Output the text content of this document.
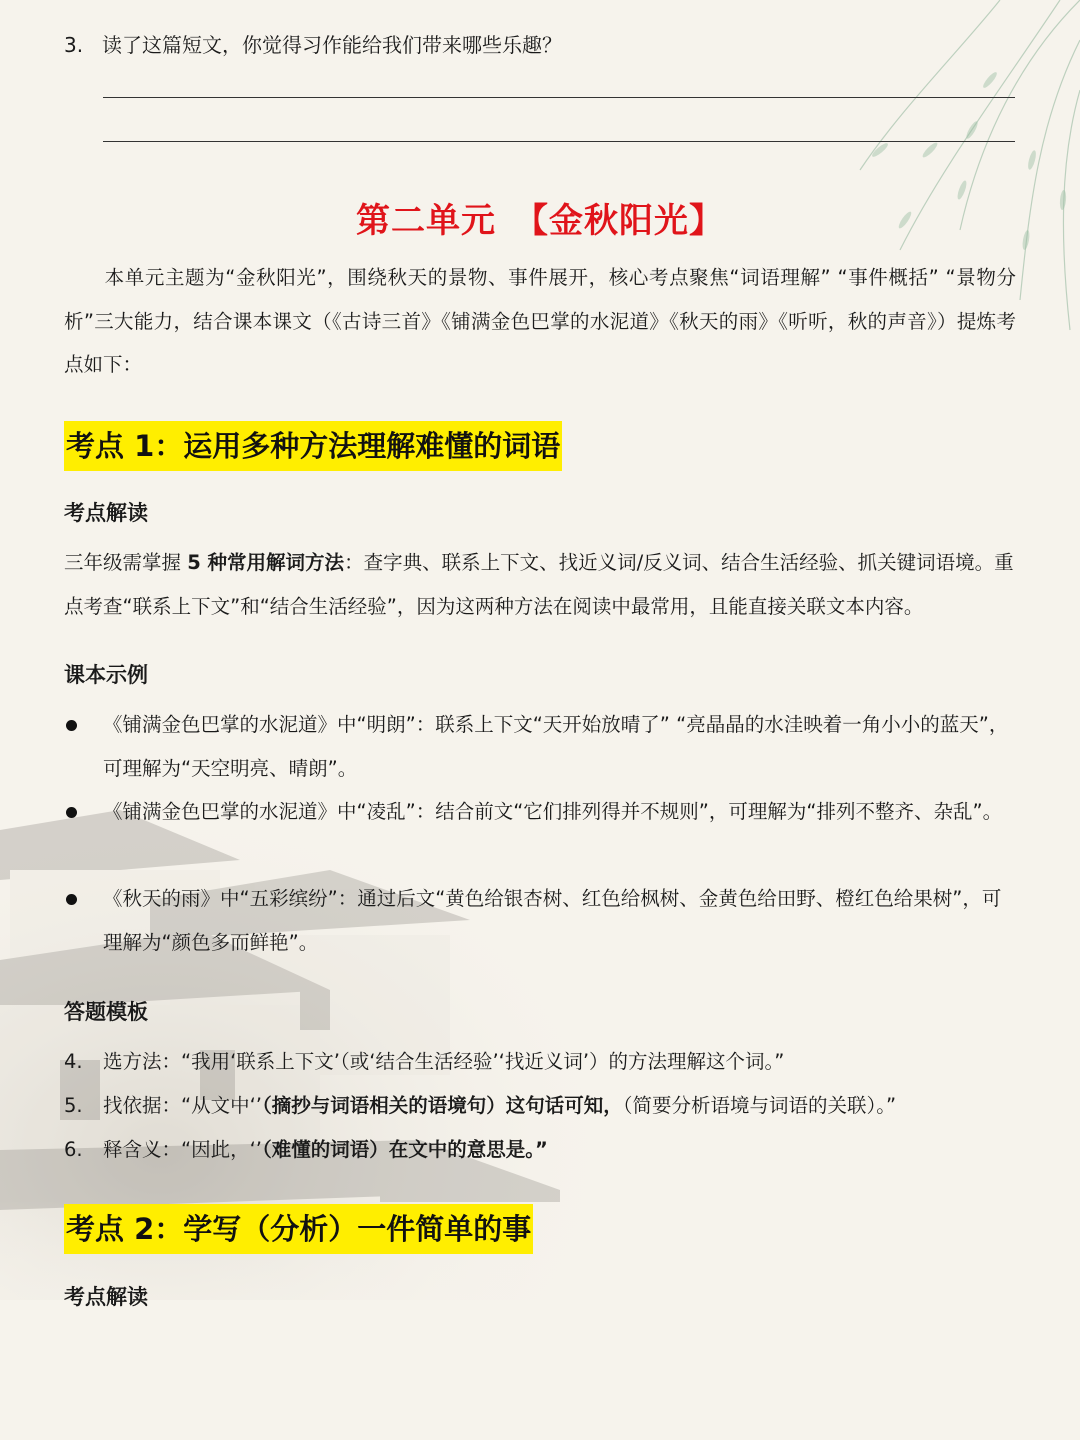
3. 读了这篇短文，你觉得习作能给我们带来哪些乐趣？
第二单元　【金秋阳光】
本单元主题为“金秋阳光”，围绕秋天的景物、事件展开，核心考点聚焦“词语理解” “事件概括” “景物分析”三大能力，结合课本课文（《古诗三首》《铺满金色巴掌的水泥道》《秋天的雨》《听听，秋的声音》）提炼考点如下：
考点 1：运用多种方法理解难懂的词语
考点解读
三年级需掌握 5 种常用解词方法：查字典、联系上下文、找近义词/反义词、结合生活经验、抓关键词语境。重点考查“联系上下文”和“结合生活经验”，因为这两种方法在阅读中最常用，且能直接关联文本内容。
课本示例
《铺满金色巴掌的水泥道》中“明朗”：联系上下文“天开始放晴了” “亮晶晶的水洼映着一角小小的蓝天”，可理解为“天空明亮、晴朗”。
《铺满金色巴掌的水泥道》中“凌乱”：结合前文“它们排列得并不规则”，可理解为“排列不整齐、杂乱”。
《秋天的雨》中“五彩缤纷”：通过后文“黄色给银杏树、红色给枫树、金黄色给田野、橙红色给果树”，可理解为“颜色多而鲜艳”。
答题模板
4. 选方法：“我用‘联系上下文’（或‘结合生活经验’‘找近义词’）的方法理解这个词。”
5. 找依据：“从文中‘’（摘抄与词语相关的语境句）这句话可知，（简要分析语境与词语的关联）。”
6. 释含义：“因此，‘’（难懂的词语）在文中的意思是。”
考点 2：学写（分析）一件简单的事
考点解读
